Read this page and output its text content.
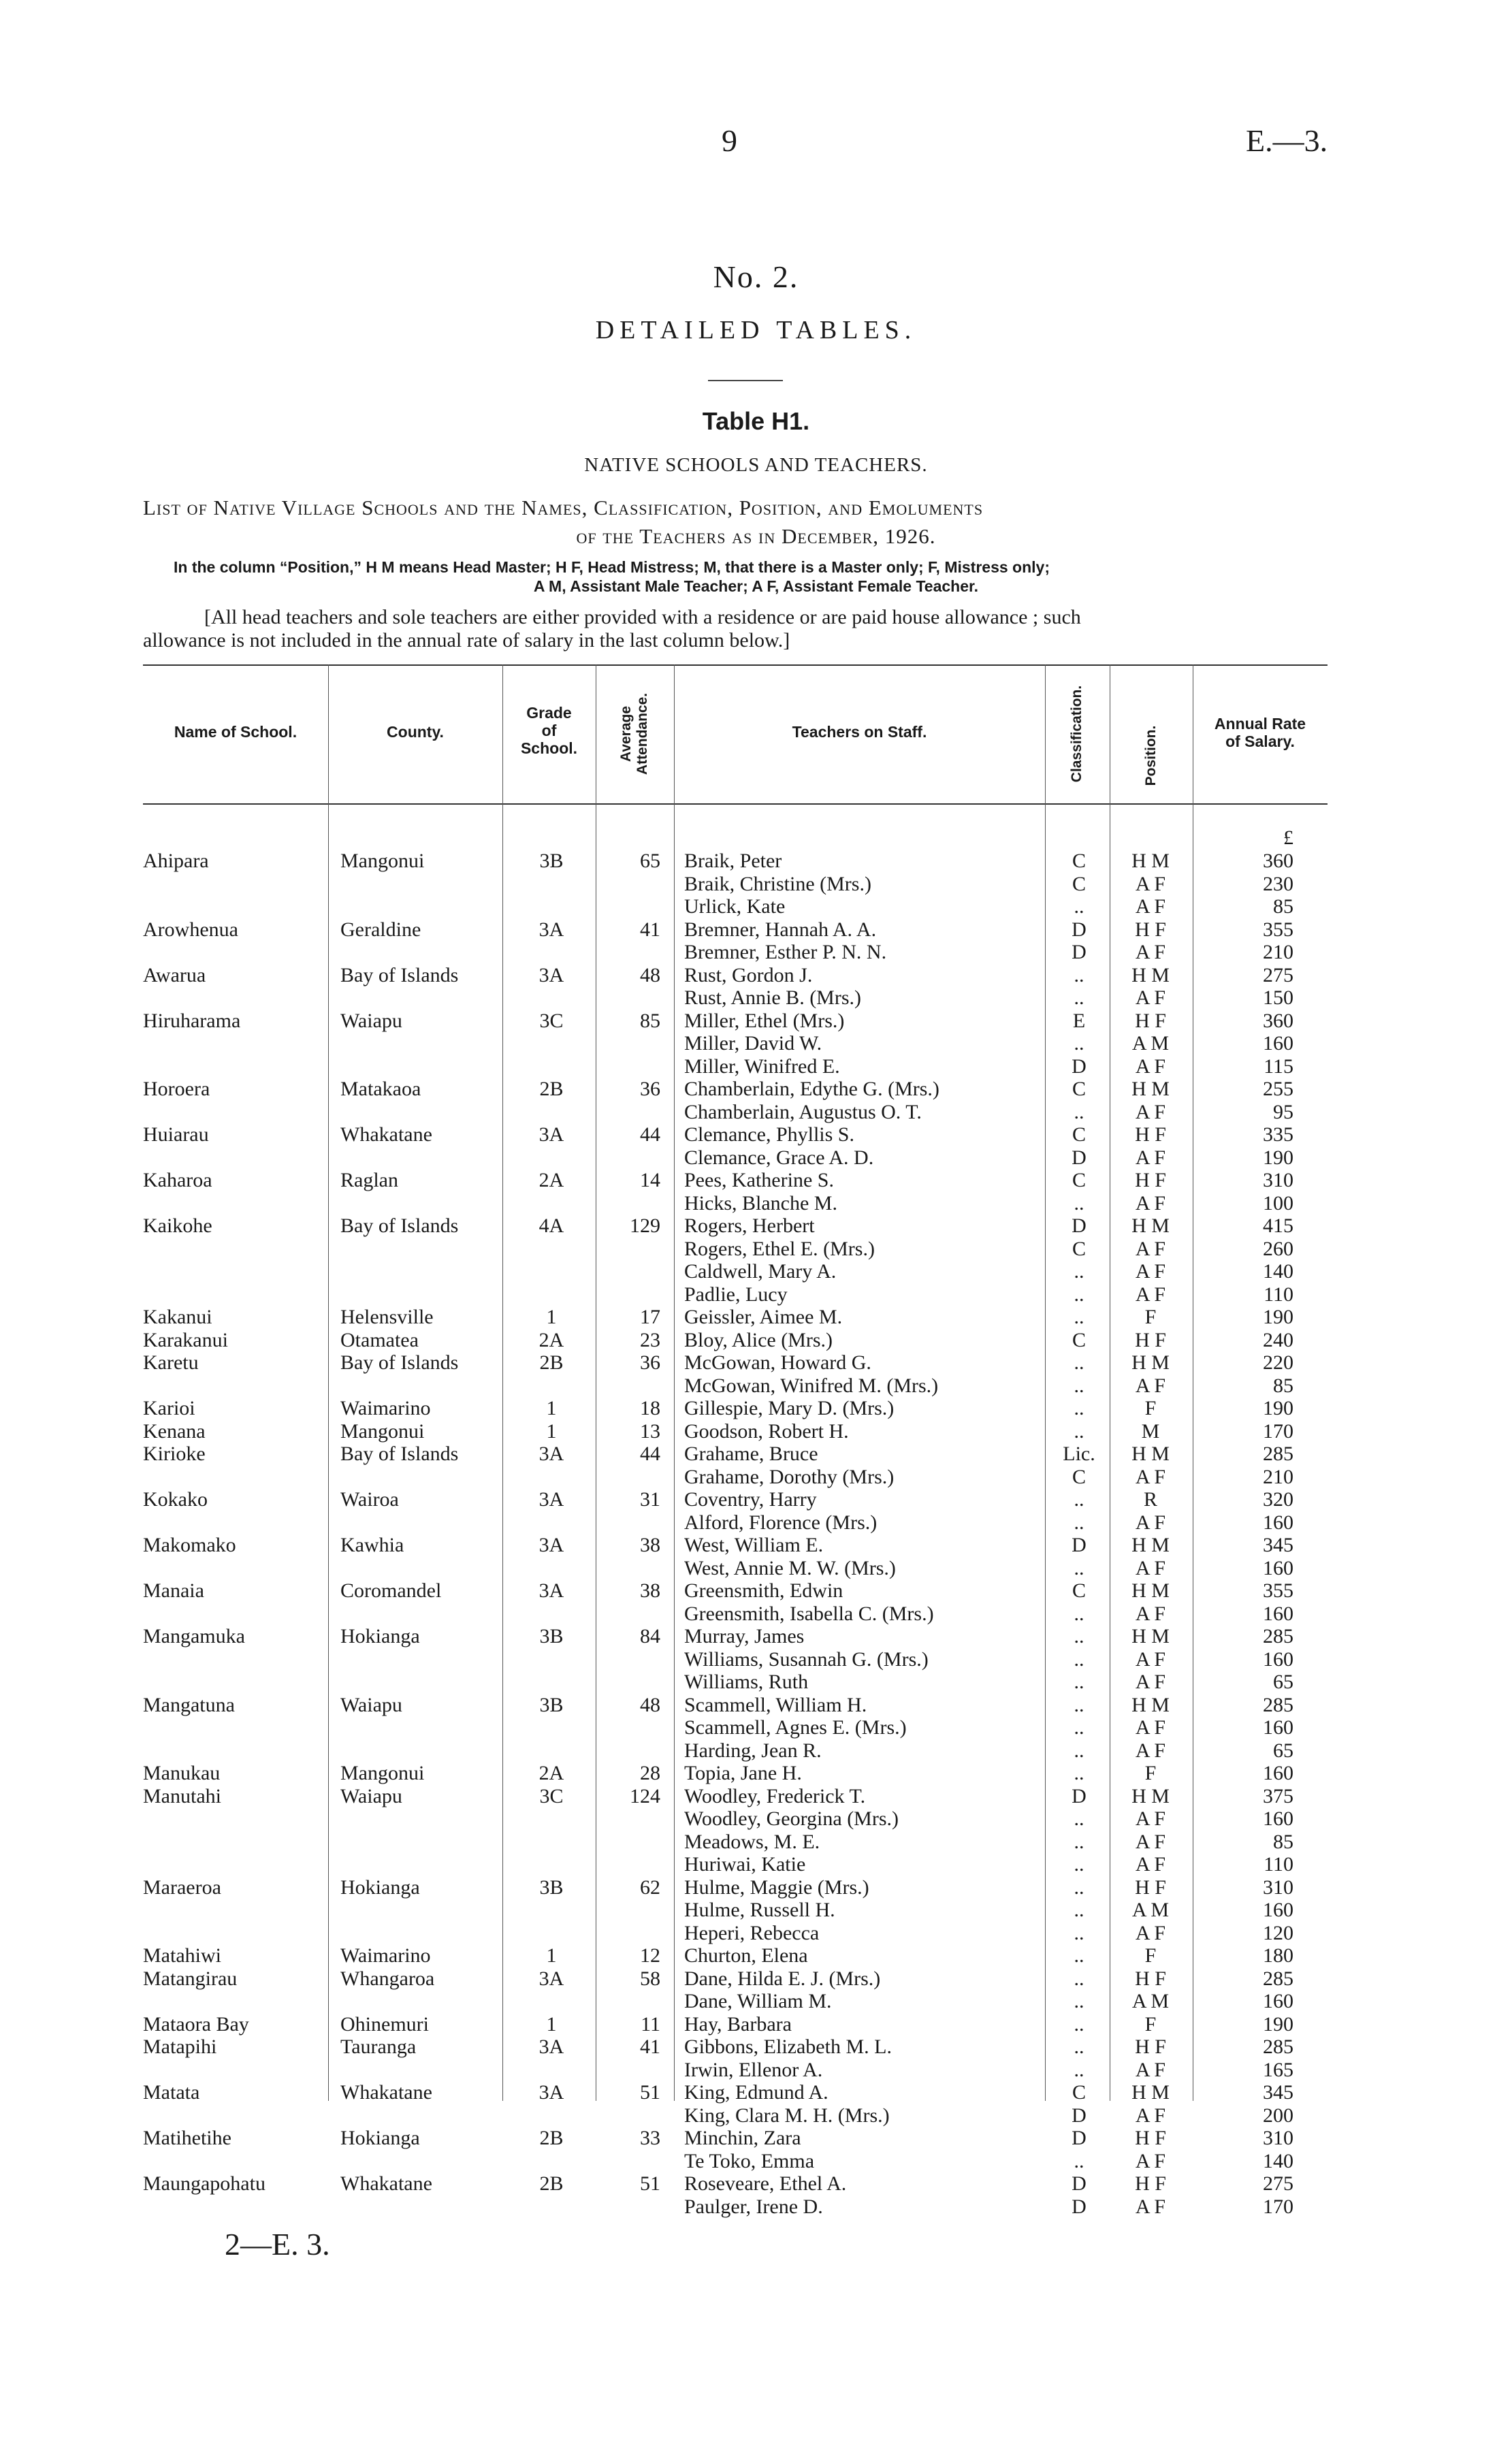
9	E.—3.
No. 2.
DETAILED TABLES.
Table H1.
NATIVE SCHOOLS AND TEACHERS.
List of Native Village Schools and the Names, Classification, Position, and Emoluments
of the Teachers as in December, 1926.
In the column “Position,” H M means Head Master; H F, Head Mistress; M, that there is a Master only; F, Mistress only;
A M, Assistant Male Teacher; A F, Assistant Female Teacher.
[All head teachers and sole teachers are either provided with a residence or are paid house allowance ; such
allowance is not included in the annual rate of salary in the last column below.]
Name of School.	County.
Grade
of
School.	Average Attendance.	Teachers on Staff.	Classification.	Position.
Annual Rate
of Salary.
£
Ahipara	Mangonui	3B	65 Braik, Peter	C	H M	360
Braik, Christine (Mrs.)	C	A F	230
Urlick, Kate	..	A F	85
Arowhenua	Geraldine	3A	41 Bremner, Hannah A. A.	D	H F	355
Bremner, Esther P. N. N.	D	A F	210
Awarua	Bay of Islands	3A	48 Rust, Gordon J.	..	H M	275
Rust, Annie B. (Mrs.)	..	A F	150
Hiruharama	Waiapu	3C	85 Miller, Ethel (Mrs.)	E	H F	360
Miller, David W.	..	A M	160
Miller, Winifred E.	D	A F	115
Horoera	Matakaoa	2B	36 Chamberlain, Edythe G. (Mrs.)	C	H M	255
Chamberlain, Augustus O. T.	..	A F	95
Huiarau	Whakatane	3A	44 Clemance, Phyllis S.	C	H F	335
Clemance, Grace A. D.	D	A F	190
Kaharoa	Raglan	2A	14 Pees, Katherine S.	C	H F	310
Hicks, Blanche M.	..	A F	100
Kaikohe	Bay of Islands	4A	129 Rogers, Herbert	D	H M	415
Rogers, Ethel E. (Mrs.)	C	A F	260
Caldwell, Mary A.	..	A F	140
Padlie, Lucy	..	A F	110
Kakanui	Helensville	1	17 Geissler, Aimee M.	..	F	190
Karakanui	Otamatea	2A	23 Bloy, Alice (Mrs.)	C	H F	240
Karetu	Bay of Islands	2B	36 McGowan, Howard G.	..	H M	220
McGowan, Winifred M. (Mrs.)	..	A F	85
Karioi	Waimarino	1	18 Gillespie, Mary D. (Mrs.)	..	F	190
Kenana	Mangonui	1	13 Goodson, Robert H.	..	M	170
Kirioke	Bay of Islands	3A	44 Grahame, Bruce	Lic.	H M	285
Grahame, Dorothy (Mrs.)	C	A F	210
Kokako	Wairoa	3A	31 Coventry, Harry	..	R	320
Alford, Florence (Mrs.)	..	A F	160
Makomako	Kawhia	3A	38 West, William E.	D	H M	345
West, Annie M. W. (Mrs.)	..	A F	160
Manaia	Coromandel	3A	38 Greensmith, Edwin	C	H M	355
Greensmith, Isabella C. (Mrs.)	..	A F	160
Mangamuka	Hokianga	3B	84 Murray, James	..	H M	285
Williams, Susannah G. (Mrs.)	..	A F	160
Williams, Ruth	..	A F	65
Mangatuna	Waiapu	3B	48 Scammell, William H.	..	H M	285
Scammell, Agnes E. (Mrs.)	..	A F	160
Harding, Jean R.	..	A F	65
Manukau	Mangonui	2A	28 Topia, Jane H.	..	F	160
Manutahi	Waiapu	3C	124 Woodley, Frederick T.	D	H M	375
Woodley, Georgina (Mrs.)	..	A F	160
Meadows, M. E.	..	A F	85
Huriwai, Katie	..	A F	110
Maraeroa	Hokianga	3B	62 Hulme, Maggie (Mrs.)	..	H F	310
Hulme, Russell H.	..	A M	160
Heperi, Rebecca	..	A F	120
Matahiwi	Waimarino	1	12 Churton, Elena	..	F	180
Matangirau	Whangaroa	3A	58 Dane, Hilda E. J. (Mrs.)	..	H F	285
Dane, William M.	..	A M	160
Mataora Bay	Ohinemuri	1	11 Hay, Barbara	..	F	190
Matapihi	Tauranga	3A	41 Gibbons, Elizabeth M. L.	..	H F	285
Irwin, Ellenor A.	..	A F	165
Matata	Whakatane	3A	51 King, Edmund A.	C	H M	345
King, Clara M. H. (Mrs.)	D	A F	200
Matihetihe	Hokianga	2B	33 Minchin, Zara	D	H F	310
Te Toko, Emma	..	A F	140
Maungapohatu	Whakatane	2B	51 Roseveare, Ethel A.	D	H F	275
Paulger, Irene D.	D	A F	170
2—E. 3.
